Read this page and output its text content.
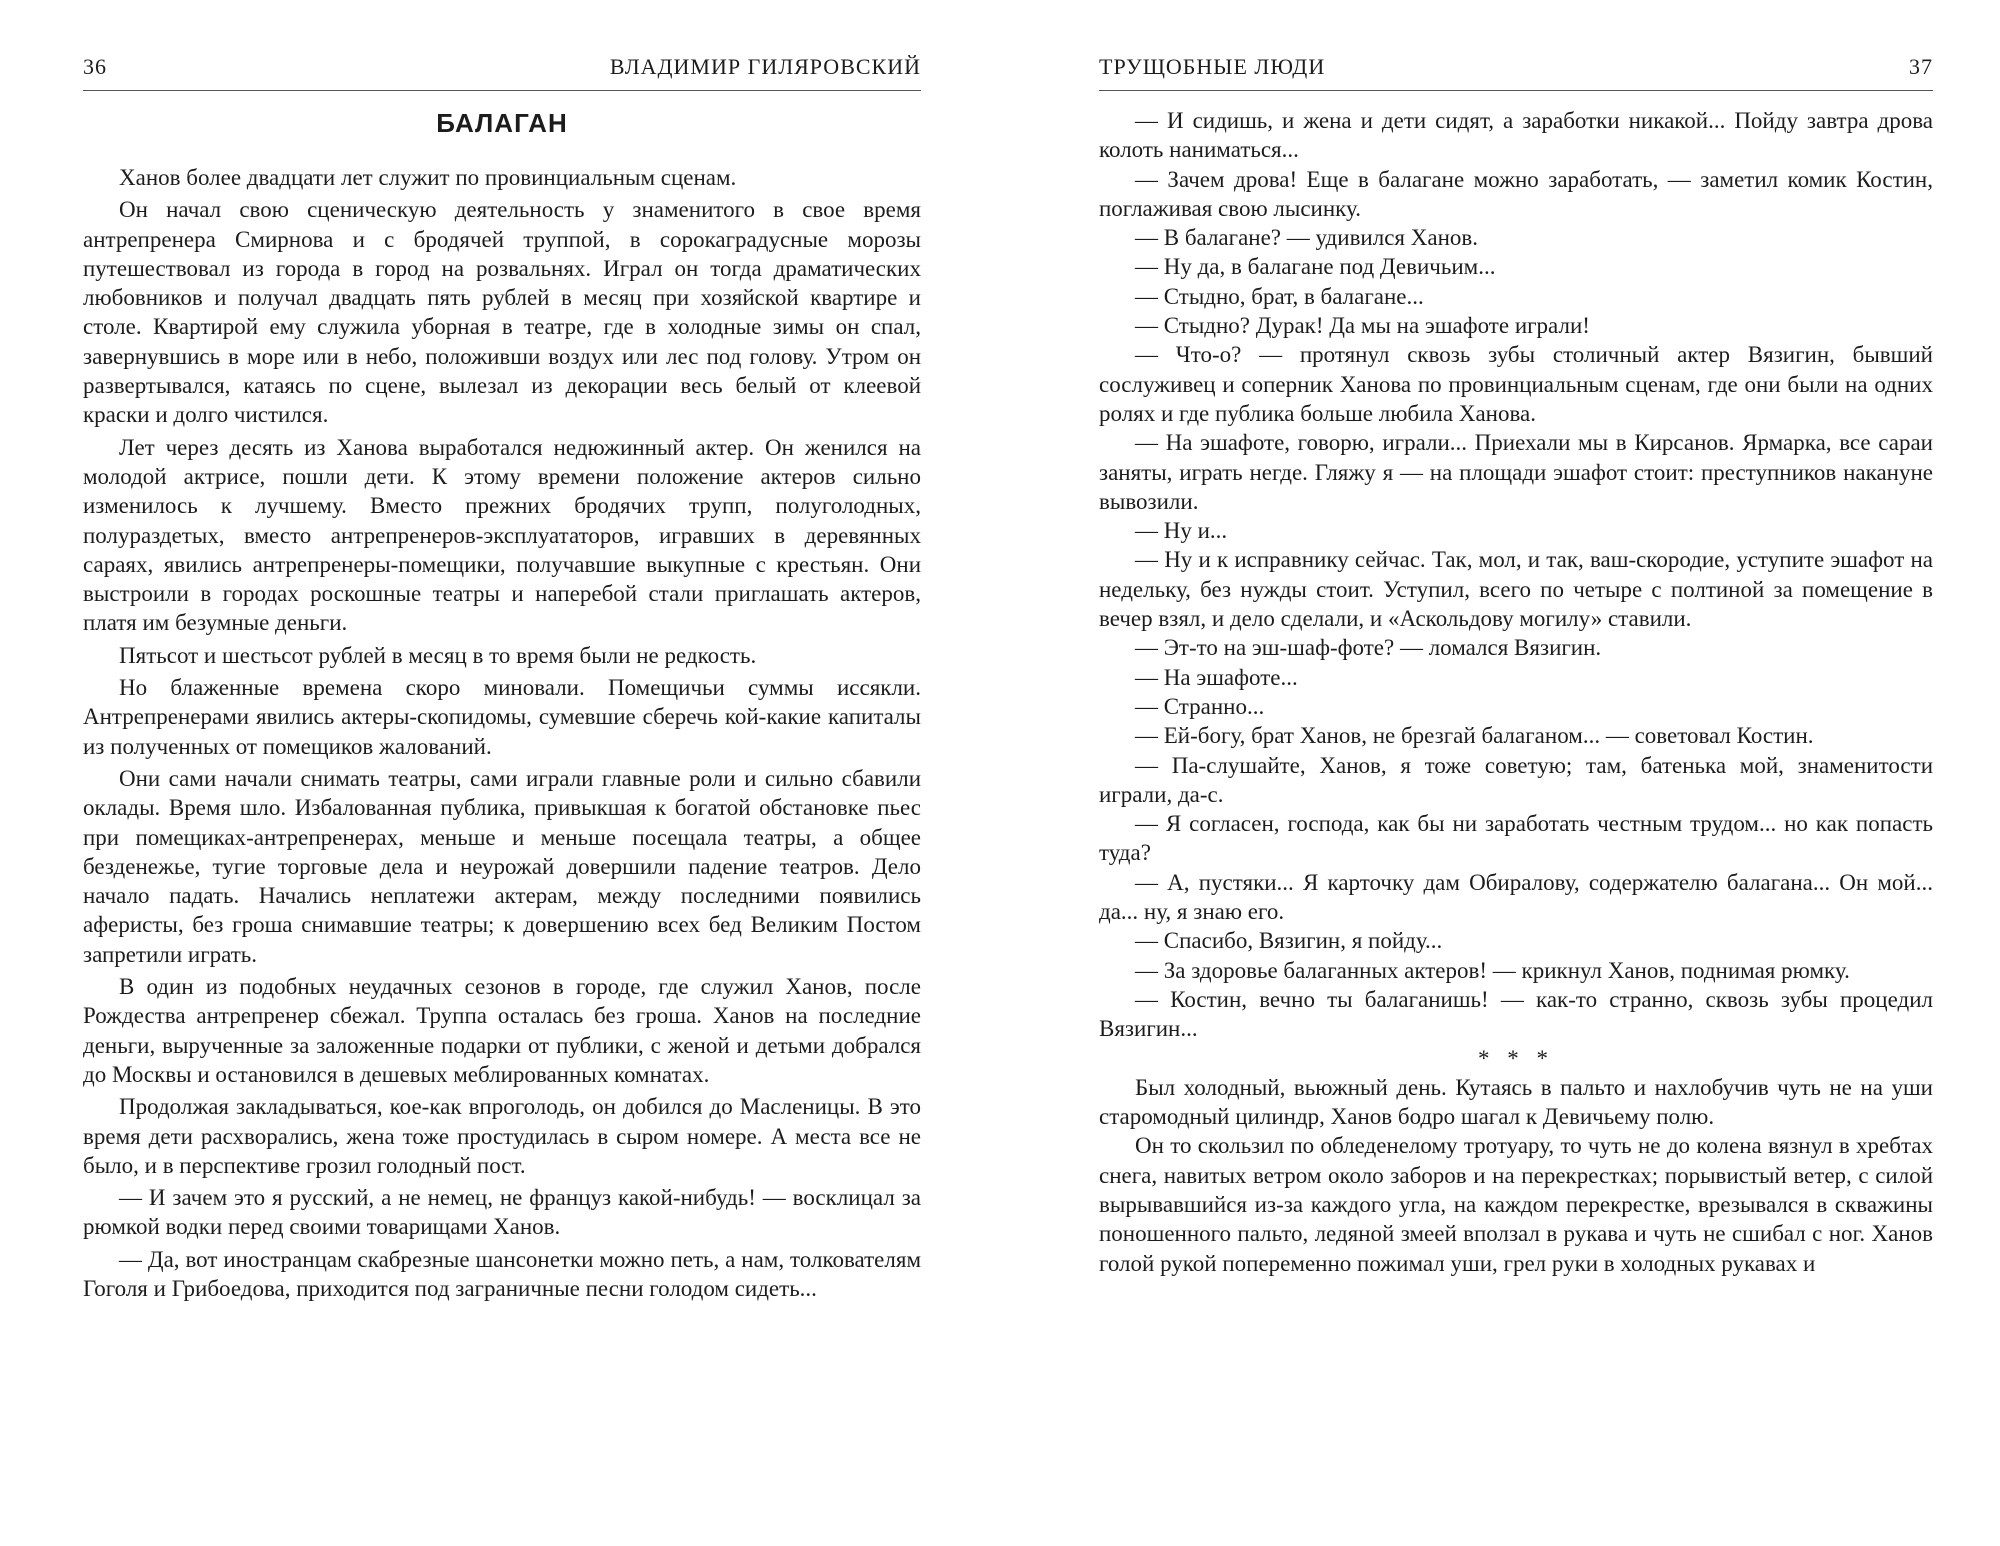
36	ВЛАДИМИР ГИЛЯРОВСКИЙ
БАЛАГАН

Ханов более двадцати лет служит по провинциальным сценам.

Он начал свою сценическую деятельность у знаменитого в свое время антрепренера Смирнова и с бродячей труппой, в сорокаградусные морозы путешествовал из города в город на розвальнях. Играл он тогда драматических любовников и получал двадцать пять рублей в месяц при хозяйской квартире и столе. Квартирой ему служила уборная в театре, где в холодные зимы он спал, завернувшись в море или в небо, положивши воздух или лес под голову. Утром он развертывался, катаясь по сцене, вылезал из декорации весь белый от клеевой краски и долго чистился.

Лет через десять из Ханова выработался недюжинный актер. Он женился на молодой актрисе, пошли дети. К этому времени положение актеров сильно изменилось к лучшему. Вместо прежних бродячих трупп, полуголодных, полураздетых, вместо антрепренеров-эксплуататоров, игравших в деревянных сараях, явились антрепренеры-помещики, получавшие выкупные с крестьян. Они выстроили в городах роскошные театры и наперебой стали приглашать актеров, платя им безумные деньги.

Пятьсот и шестьсот рублей в месяц в то время были не редкость.

Но блаженные времена скоро миновали. Помещичьи суммы иссякли. Антрепренерами явились актеры-скопидомы, сумевшие сберечь кой-какие капиталы из полученных от помещиков жалований.

Они сами начали снимать театры, сами играли главные роли и сильно сбавили оклады. Время шло. Избалованная публика, привыкшая к богатой обстановке пьес при помещиках-антрепренерах, меньше и меньше посещала театры, а общее безденежье, тугие торговые дела и неурожай довершили падение театров. Дело начало падать. Начались неплатежи актерам, между последними появились аферисты, без гроша снимавшие театры; к довершению всех бед Великим Постом запретили играть.

В один из подобных неудачных сезонов в городе, где служил Ханов, после Рождества антрепренер сбежал. Труппа осталась без гроша. Ханов на последние деньги, вырученные за заложенные подарки от публики, с женой и детьми добрался до Москвы и остановился в дешевых меблированных комнатах.

Продолжая закладываться, кое-как впроголодь, он добился до Масленицы. В это время дети расхворались, жена тоже простудилась в сыром номере. А места все не было, и в перспективе грозил голодный пост.

— И зачем это я русский, а не немец, не француз какой-нибудь! — восклицал за рюмкой водки перед своими товарищами Ханов.

— Да, вот иностранцам скабрезные шансонетки можно петь, а нам, толкователям Гоголя и Грибоедова, приходится под заграничные песни голодом сидеть...

ТРУЩОБНЫЕ ЛЮДИ	37

— И сидишь, и жена и дети сидят, а заработки никакой... Пойду завтра дрова колоть наниматься...

— Зачем дрова! Еще в балагане можно заработать, — заметил комик Костин, поглаживая свою лысинку.

— В балагане? — удивился Ханов.

— Ну да, в балагане под Девичьим...

— Стыдно, брат, в балагане...

— Стыдно? Дурак! Да мы на эшафоте играли!

— Что-о? — протянул сквозь зубы столичный актер Вязигин, бывший сослуживец и соперник Ханова по провинциальным сценам, где они были на одних ролях и где публика больше любила Ханова.

— На эшафоте, говорю, играли... Приехали мы в Кирсанов. Ярмарка, все сараи заняты, играть негде. Гляжу я — на площади эшафот стоит: преступников накануне вывозили.

— Ну и...

— Ну и к исправнику сейчас. Так, мол, и так, ваш-скородие, уступите эшафот на недельку, без нужды стоит. Уступил, всего по четыре с полтиной за помещение в вечер взял, и дело сделали, и «Аскольдову могилу» ставили.

— Эт-то на эш-шаф-фоте? — ломался Вязигин.

— На эшафоте...

— Странно...

— Ей-богу, брат Ханов, не брезгай балаганом... — советовал Костин.

— Па-слушайте, Ханов, я тоже советую; там, батенька мой, знаменитости играли, да-с.

— Я согласен, господа, как бы ни заработать честным трудом... но как попасть туда?

— А, пустяки... Я карточку дам Обиралову, содержателю балагана... Он мой... да... ну, я знаю его.

— Спасибо, Вязигин, я пойду...

— За здоровье балаганных актеров! — крикнул Ханов, поднимая рюмку.

— Костин, вечно ты балаганишь! — как-то странно, сквозь зубы процедил Вязигин...

* * *

Был холодный, вьюжный день. Кутаясь в пальто и нахлобучив чуть не на уши старомодный цилиндр, Ханов бодро шагал к Девичьему полю.

Он то скользил по обледенелому тротуару, то чуть не до колена вязнул в хребтах снега, навитых ветром около заборов и на перекрестках; порывистый ветер, с силой вырывавшийся из-за каждого угла, на каждом перекрестке, врезывался в скважины поношенного пальто, ледяной змеей вползал в рукава и чуть не сшибал с ног. Ханов голой рукой попеременно пожимал уши, грел руки в холодных рукавах и
